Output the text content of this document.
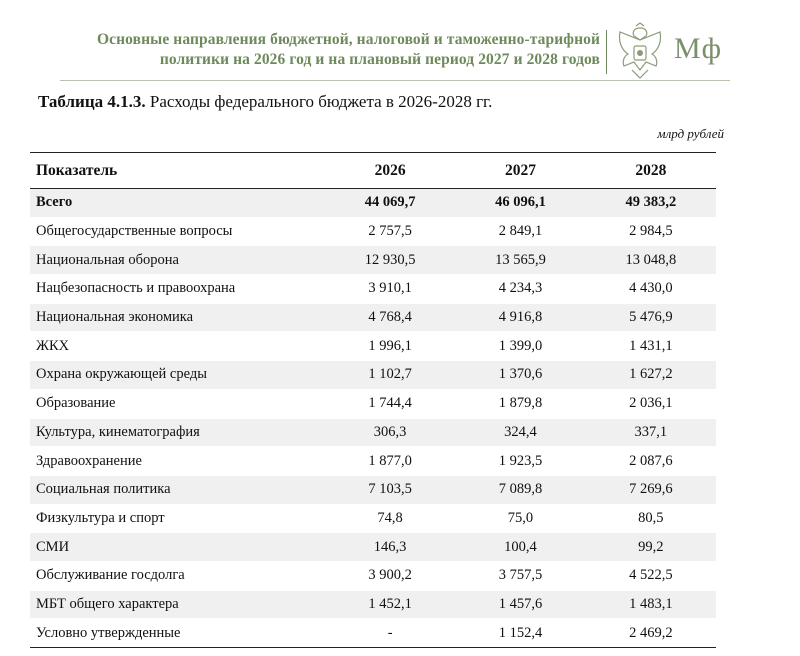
Основные направления бюджетной, налоговой и таможенно-тарифной
политики на 2026 год и на плановый период 2027 и 2028 годов Мф
Таблица 4.1.3. Расходы федерального бюджета в 2026-2028 гг.
млрд рублей
Показатель	2026	2027	2028
Всего	44 069,7	46 096,1	49 383,2
Общегосударственные вопросы	2 757,5	2 849,1	2 984,5
Национальная оборона	12 930,5	13 565,9	13 048,8
Нацбезопасность и правоохрана	3 910,1	4 234,3	4 430,0
Национальная экономика	4 768,4	4 916,8	5 476,9
ЖКХ	1 996,1	1 399,0	1 431,1
Охрана окружающей среды	1 102,7	1 370,6	1 627,2
Образование	1 744,4	1 879,8	2 036,1
Культура, кинематография	306,3	324,4	337,1
Здравоохранение	1 877,0	1 923,5	2 087,6
Социальная политика	7 103,5	7 089,8	7 269,6
Физкультура и спорт	74,8	75,0	80,5
СМИ	146,3	100,4	99,2
Обслуживание госдолга	3 900,2	3 757,5	4 522,5
МБТ общего характера	1 452,1	1 457,6	1 483,1
Условно утвержденные	-	1 152,4	2 469,2
